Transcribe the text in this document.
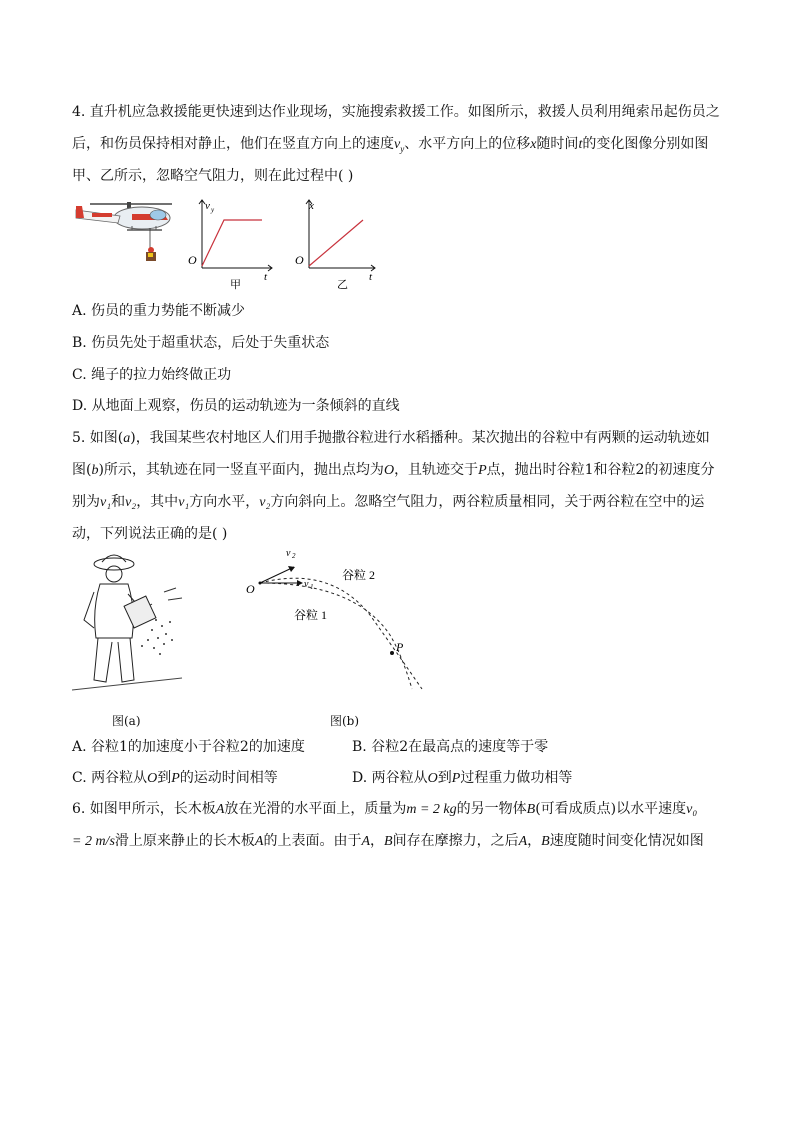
4. 直升机应急救援能更快速到达作业现场，实施搜索救援工作。如图所示，救援人员利用绳索吊起伤员之
后，和伤员保持相对静止，他们在竖直方向上的速度$v_y$、水平方向上的位移x随时间t的变化图像分别如图
甲、乙所示，忽略空气阻力，则在此过程中( )
v y
O
t
甲
x
O
t
乙
A. 伤员的重力势能不断减少
B. 伤员先处于超重状态，后处于失重状态
C. 绳子的拉力始终做正功
D. 从地面上观察，伤员的运动轨迹为一条倾斜的直线
5. 如图(a)，我国某些农村地区人们用手抛撒谷粒进行水稻播种。某次抛出的谷粒中有两颗的运动轨迹如
图(b)所示，其轨迹在同一竖直平面内，抛出点均为O，且轨迹交于P点，抛出时谷粒1和谷粒2的初速度分
别为v₁和v₂，其中v₁方向水平，v₂方向斜向上。忽略空气阻力，两谷粒质量相同，关于两谷粒在空中的运
动，下列说法正确的是( )
图(a)
O	v 1
v 2
谷粒 2
谷粒 1
P
图(b)
A. 谷粒1的加速度小于谷粒2的加速度	B. 谷粒2在最高点的速度等于零
C. 两谷粒从O到P的运动时间相等	D. 两谷粒从O到P过程重力做功相等
6. 如图甲所示，长木板A放在光滑的水平面上，质量为m = 2 kg的另一物体B(可看成质点)以水平速度v₀
= 2 m/s滑上原来静止的长木板A的上表面。由于A，B间存在摩擦力，之后A，B速度随时间变化情况如图
